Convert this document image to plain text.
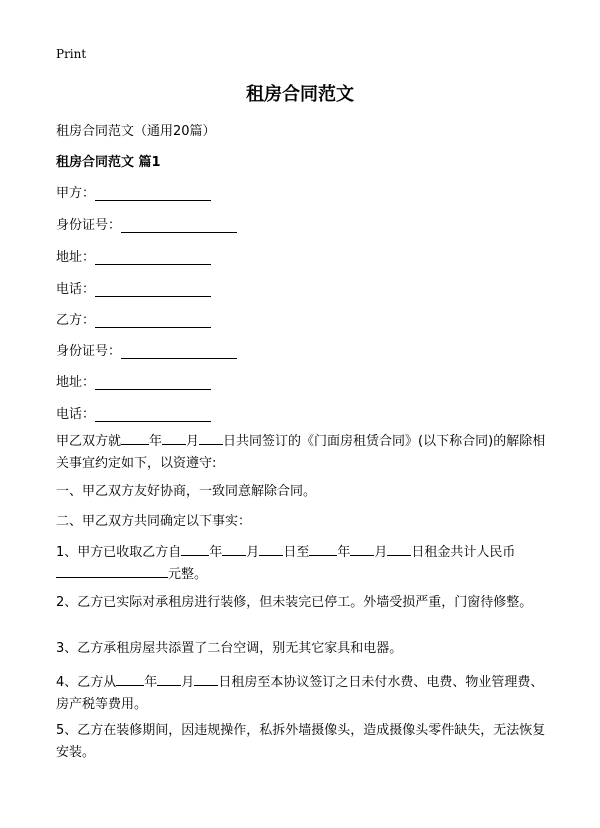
Print
租房合同范文
租房合同范文（通用20篇）
租房合同范文 篇1
甲方：
身份证号：
地址：
电话：
乙方：
身份证号：
地址：
电话：
甲乙双方就 年 月 日共同签订的《门面房租赁合同》(以下称合同)的解除相关事宜约定如下，以资遵守:
一、甲乙双方友好协商，一致同意解除合同。
二、甲乙双方共同确定以下事实：
1、甲方已收取乙方自 年 月 日至 年 月 日租金共计人民币
元整。
2、乙方已实际对承租房进行装修，但未装完已停工。外墙受损严重，门窗待修整。
3、乙方承租房屋共添置了二台空调，别无其它家具和电器。
4、乙方从 年 月 日租房至本协议签订之日未付水费、电费、物业管理费、房产税等费用。
5、乙方在装修期间，因违规操作，私拆外墙摄像头，造成摄像头零件缺失，无法恢复安装。
